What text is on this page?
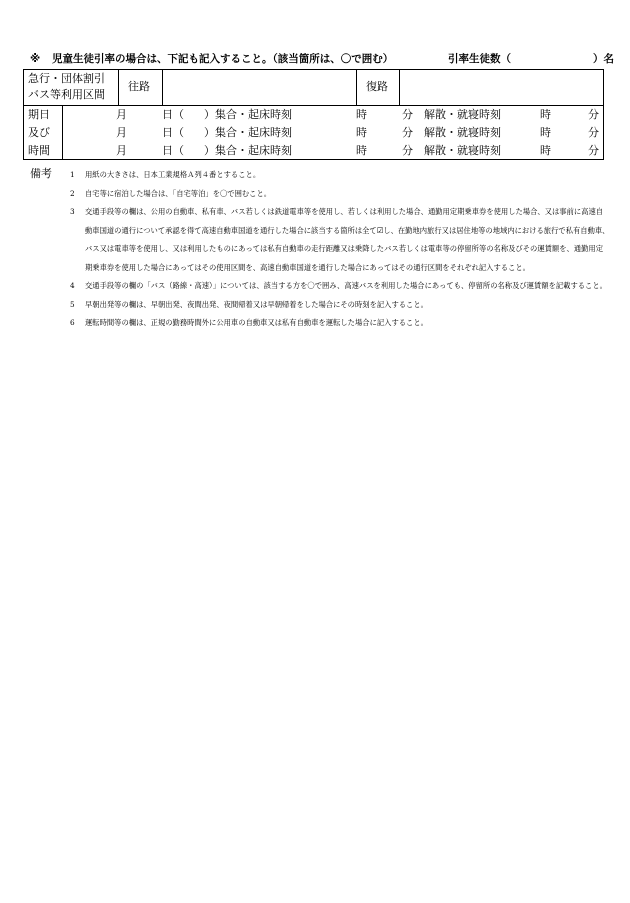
※ 児童生徒引率の場合は、下記も記入すること。（該当箇所は、〇で囲む）	引率生徒数（	）名
急行・団体割引
バス等利用区間
往路	復路
期日	月	日（ ）集合・起床時刻	時	分 解散・就寝時刻	時	分
及び	月	日（ ）集合・起床時刻	時	分 解散・就寝時刻	時	分
時間	月	日（ ）集合・起床時刻	時	分 解散・就寝時刻	時	分
備考 1 用紙の大きさは、日本工業規格Ａ列４番とすること。
2 自宅等に宿泊した場合は、「自宅等泊」を〇で囲むこと。
3 交通手段等の欄は、公用の自動車、私有車、バス若しくは鉄道電車等を使用し、若しくは利用した場合、通勤用定期乗車券を使用した場合、又は事前に高速自動車国道の通行について承認を得て高速自動車国道を通行した場合に該当する箇所は全て☑し、在勤地内旅行又は居住地等の地域内における旅行で私有自動車、バス又は電車等を使用し、又は利用したものにあっては私有自動車の走行距離又は乗降したバス若しくは電車等の停留所等の名称及びその運賃額を、通勤用定期乗車券を使用した場合にあってはその使用区間を、高速自動車国道を通行した場合にあってはその通行区間をそれぞれ記入すること。
4 交通手段等の欄の「バス（路線・高速）」については、該当する方を〇で囲み、高速バスを利用した場合にあっても、停留所の名称及び運賃額を記載すること。
5 早朝出発等の欄は、早朝出発、夜間出発、夜間帰着又は早朝帰着をした場合にその時刻を記入すること。
6 運転時間等の欄は、正規の勤務時間外に公用車の自動車又は私有自動車を運転した場合に記入すること。
